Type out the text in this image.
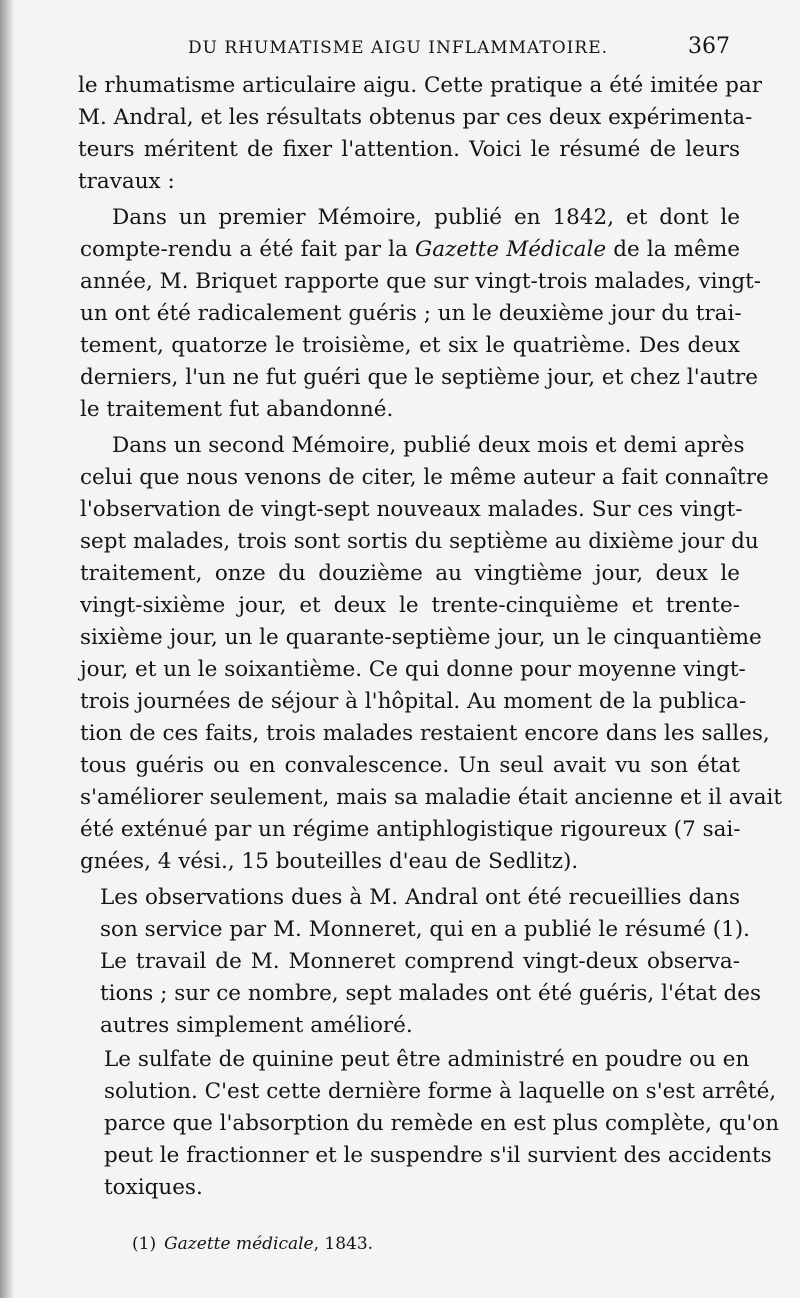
DU RHUMATISME AIGU INFLAMMATOIRE.	367
le rhumatisme articulaire aigu. Cette pratique a été imitée par
M. Andral, et les résultats obtenus par ces deux expérimenta-
teurs méritent de fixer l'attention. Voici le résumé de leurs
travaux :
Dans un premier Mémoire, publié en 1842, et dont le
compte-rendu a été fait par la Gazette Médicale de la même
année, M. Briquet rapporte que sur vingt-trois malades, vingt-
un ont été radicalement guéris ; un le deuxième jour du trai-
tement, quatorze le troisième, et six le quatrième. Des deux
derniers, l'un ne fut guéri que le septième jour, et chez l'autre
le traitement fut abandonné.
Dans un second Mémoire, publié deux mois et demi après
celui que nous venons de citer, le même auteur a fait connaître
l'observation de vingt-sept nouveaux malades. Sur ces vingt-
sept malades, trois sont sortis du septième au dixième jour du
traitement, onze du douzième au vingtième jour, deux le
vingt-sixième jour, et deux le trente-cinquième et trente-
sixième jour, un le quarante-septième jour, un le cinquantième
jour, et un le soixantième. Ce qui donne pour moyenne vingt-
trois journées de séjour à l'hôpital. Au moment de la publica-
tion de ces faits, trois malades restaient encore dans les salles,
tous guéris ou en convalescence. Un seul avait vu son état
s'améliorer seulement, mais sa maladie était ancienne et il avait
été exténué par un régime antiphlogistique rigoureux (7 sai-
gnées, 4 vési., 15 bouteilles d'eau de Sedlitz).
Les observations dues à M. Andral ont été recueillies dans
son service par M. Monneret, qui en a publié le résumé (1).
Le travail de M. Monneret comprend vingt-deux observa-
tions ; sur ce nombre, sept malades ont été guéris, l'état des
autres simplement amélioré.
Le sulfate de quinine peut être administré en poudre ou en
solution. C'est cette dernière forme à laquelle on s'est arrêté,
parce que l'absorption du remède en est plus complète, qu'on
peut le fractionner et le suspendre s'il survient des accidents
toxiques.
(1) Gazette médicale, 1843.
